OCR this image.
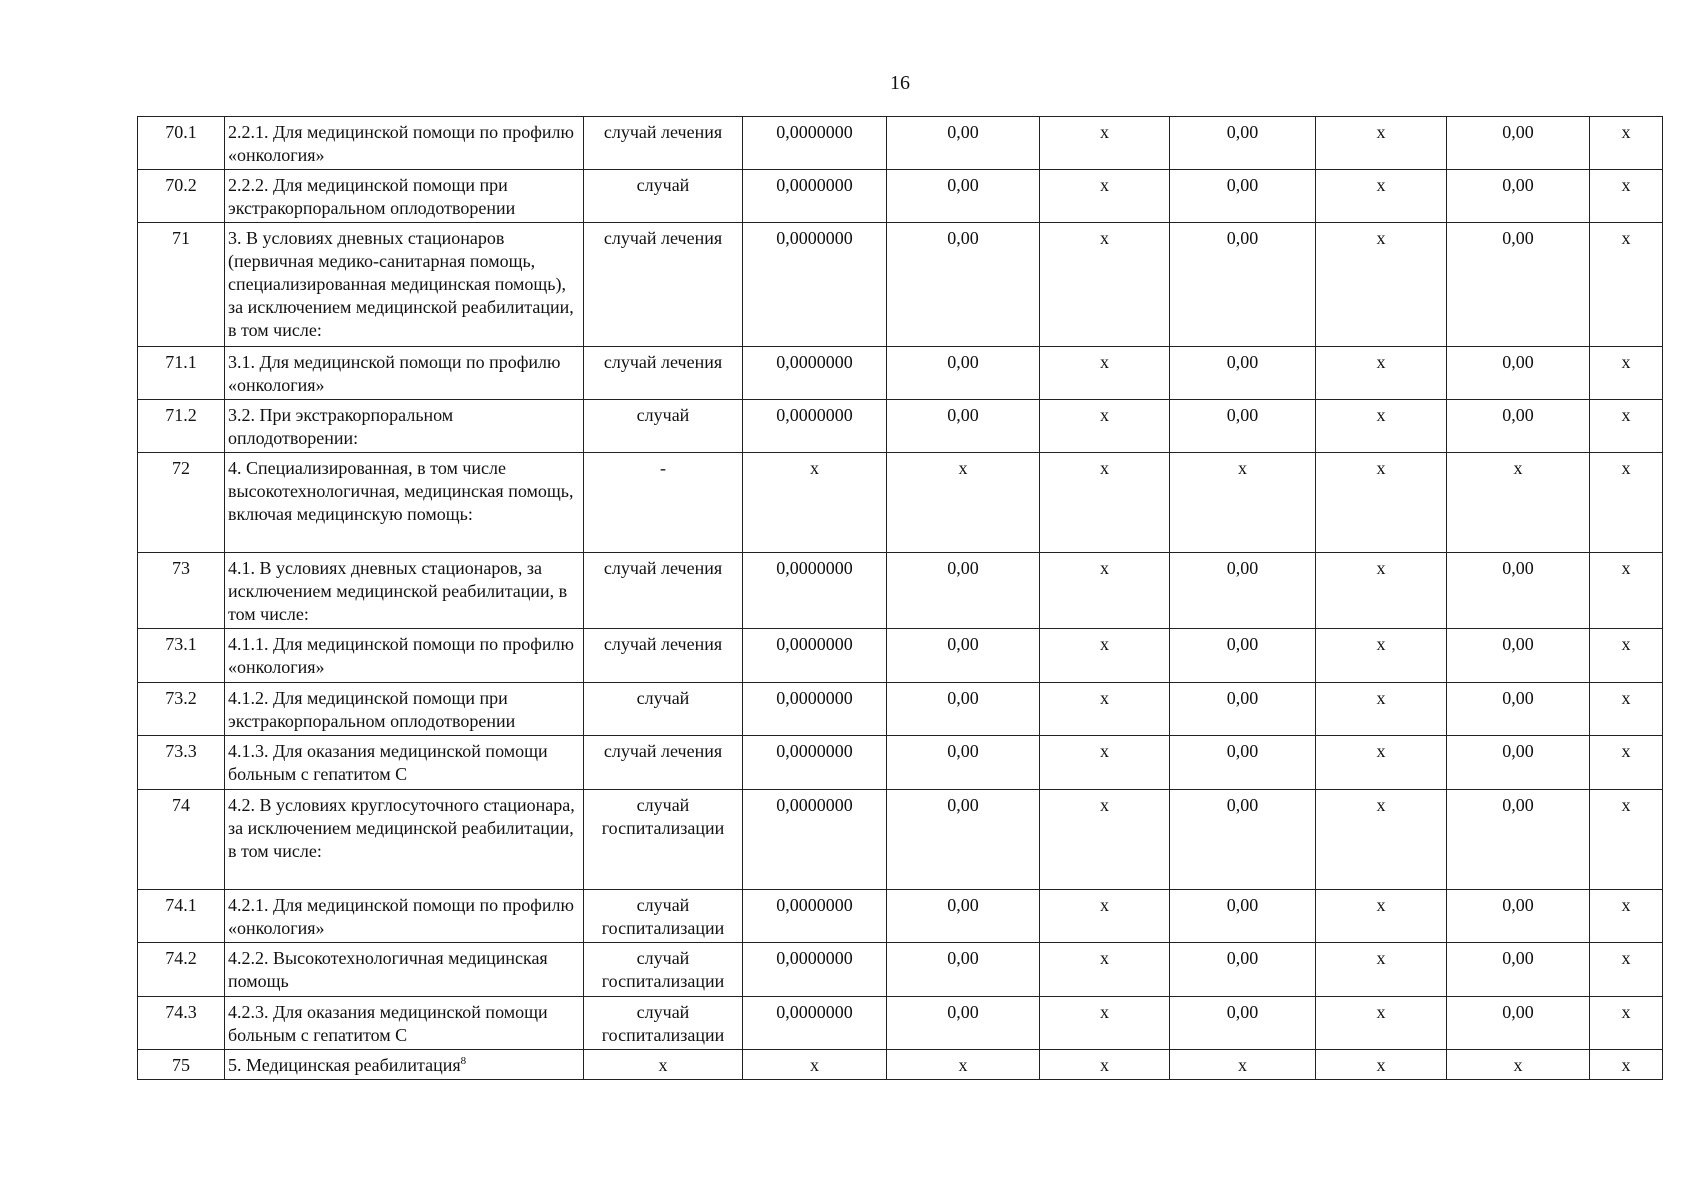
16
70.1	2.2.1. Для медицинской помощи по профилю «онкология»	случай лечения	0,0000000	0,00	х	0,00	х	0,00	х
70.2	2.2.2. Для медицинской помощи при экстракорпоральном оплодотворении	случай	0,0000000	0,00	х	0,00	х	0,00	х
71	3. В условиях дневных стационаров (первичная медико-санитарная помощь, специализированная медицинская помощь), за исключением медицинской реабилитации, в том числе:	случай лечения	0,0000000	0,00	х	0,00	х	0,00	х
71.1	3.1. Для медицинской помощи по профилю «онкология»	случай лечения	0,0000000	0,00	х	0,00	х	0,00	х
71.2	3.2. При экстракорпоральном оплодотворении:	случай	0,0000000	0,00	х	0,00	х	0,00	х
72	4. Специализированная, в том числе высокотехнологичная, медицинская помощь, включая медицинскую помощь:	-	х	х	х	х	х	х	х
73	4.1. В условиях дневных стационаров, за исключением медицинской реабилитации, в том числе:	случай лечения	0,0000000	0,00	х	0,00	х	0,00	х
73.1	4.1.1. Для медицинской помощи по профилю «онкология»	случай лечения	0,0000000	0,00	х	0,00	х	0,00	х
73.2	4.1.2. Для медицинской помощи при экстракорпоральном оплодотворении	случай	0,0000000	0,00	х	0,00	х	0,00	х
73.3	4.1.3. Для оказания медицинской помощи больным с гепатитом С	случай лечения	0,0000000	0,00	х	0,00	х	0,00	х
74	4.2. В условиях круглосуточного стационара, за исключением медицинской реабилитации, в том числе:	случай госпитализации	0,0000000	0,00	х	0,00	х	0,00	х
74.1	4.2.1. Для медицинской помощи по профилю «онкология»	случай госпитализации	0,0000000	0,00	х	0,00	х	0,00	х
74.2	4.2.2. Высокотехнологичная медицинская помощь	случай госпитализации	0,0000000	0,00	х	0,00	х	0,00	х
74.3	4.2.3. Для оказания медицинской помощи больным с гепатитом С	случай госпитализации	0,0000000	0,00	х	0,00	х	0,00	х
75	5. Медицинская реабилитация$^8$	х	х	х	х	х	х	х	х
